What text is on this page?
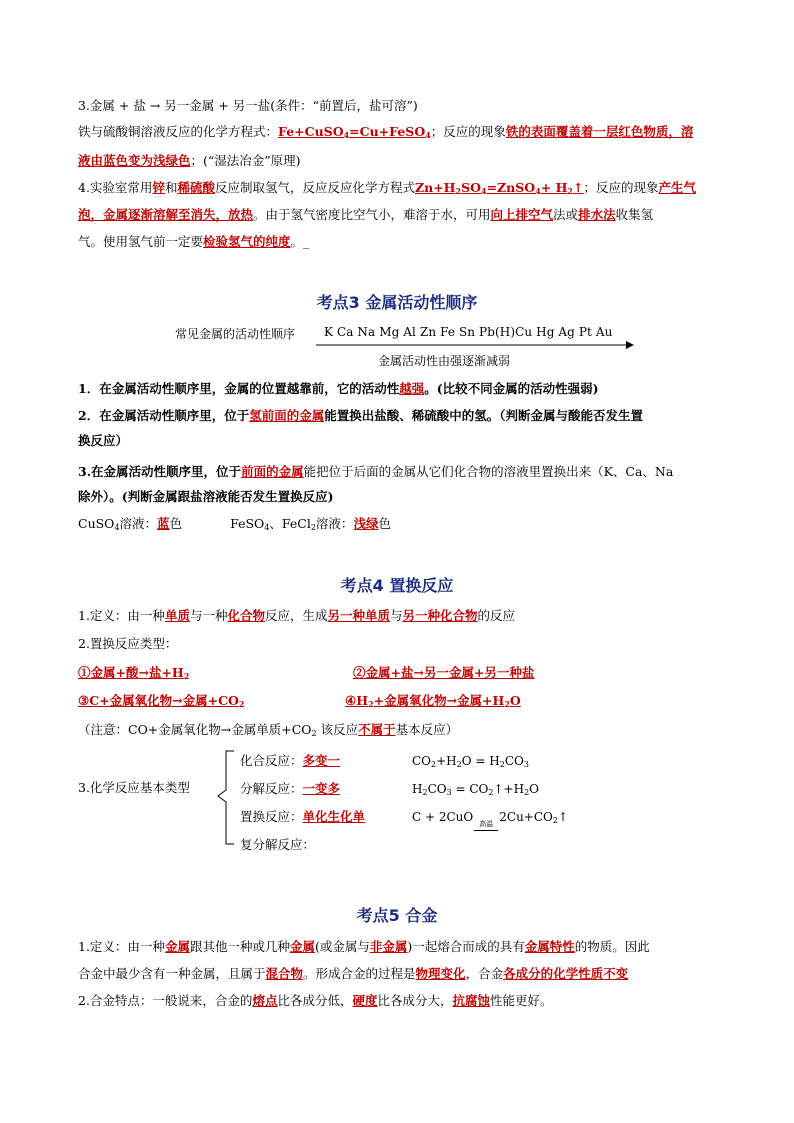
3.金属 + 盐 → 另一金属 + 另一盐(条件：“前置后，盐可溶”)
铁与硫酸铜溶液反应的化学方程式：Fe+CuSO$_4$=Cu+FeSO$_4$；反应的现象铁的表面覆盖着一层红色物质，溶
液由蓝色变为浅绿色；(“湿法冶金”原理)
4.实验室常用锌和稀硫酸反应制取氢气，反应反应化学方程式$Zn+H_2SO_4=ZnSO_4+$ $H_2↑$；反应的现象产生气
泡，金属逐渐溶解至消失，放热。由于氢气密度比空气小，难溶于水，可用向上排空气法或排水法收集氢
气。使用氢气前一定要检验氢气的纯度。_
考点3 金属活动性顺序
常见金属的活动性顺序 K Ca Na Mg Al Zn Fe Sn Pb(H)Cu Hg Ag Pt Au
金属活动性由强逐渐减弱
1．在金属活动性顺序里，金属的位置越靠前，它的活动性越强。(比较不同金属的活动性强弱)
2．在金属活动性顺序里，位于氢前面的金属能置换出盐酸、稀硫酸中的氢。（判断金属与酸能否发生置
换反应）
3.在金属活动性顺序里，位于前面的金属能把位于后面的金属从它们化合物的溶液里置换出来（K、Ca、Na
除外）。(判断金属跟盐溶液能否发生置换反应)
CuSO$_4$溶液：蓝色	FeSO$_4$、FeCl$_2$溶液：浅绿色
考点4 置换反应
1.定义：由一种单质与一种化合物反应，生成另一种单质与另一种化合物的反应
2.置换反应类型：
①金属+酸→盐$+H_2$	②金属+盐→另一金属+另一种盐
③C+金属氧化物→金属$+CO_2$	$④H_2+$金属氧化物→金属$+H_2O$
（注意：CO+金属氧化物→金属单质$+CO_2$ 该反应不属于基本反应）
3.化学反应基本类型
化合反应：多变一	$CO_2+H_2O = H_2CO_3$
分解反应：一变多	$H_2CO_3$ = $CO_2↑+H_2O$
置换反应：单化生化单	C + 2CuO 高温 $2Cu+CO_2↑$
复分解反应：
考点5 合金
1.定义：由一种金属跟其他一种或几种金属(或金属与非金属)一起熔合而成的具有金属特性的物质。因此
合金中最少含有一种金属，且属于混合物。形成合金的过程是物理变化，合金各成分的化学性质不变
2.合金特点：一般说来，合金的熔点比各成分低，硬度比各成分大，抗腐蚀性能更好。
